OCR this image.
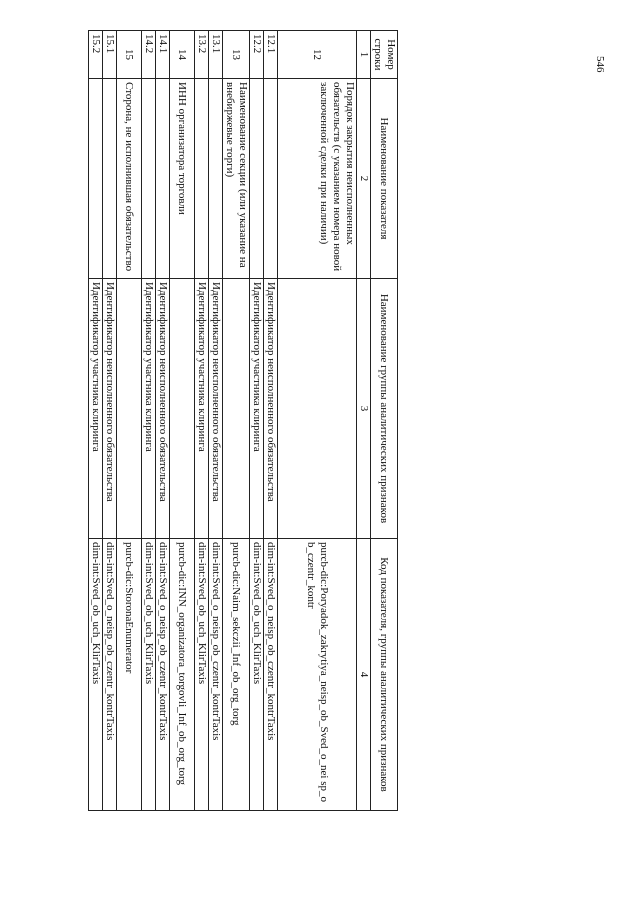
546
Номер строки	Наименование показателя	Наименование группы аналитических признаков	Код показателя, группы аналитических признаков
1	2	3	4
12	Порядок закрытия неисполненных обязательств (с указанием номера новой заключенной сделки при наличии)		purcb-dic:Poryadok_zakrytiya_neisp_ob_Sved_o_nei sp_ob_czentr_kontr
12.1		Идентификатор неисполненного обязательства	dim-int:Sved_o_neisp_ob_czentr_kontrTaxis
12.2		Идентификатор участника клиринга	dim-int:Sved_ob_uch_KlirTaxis
13	Наименование секции (или указание на внебиржевые торги)		purcb-dic:Naim_sekczii_Inf_ob_org_torg
13.1		Идентификатор неисполненного обязательства	dim-int:Sved_o_neisp_ob_czentr_kontrTaxis
13.2		Идентификатор участника клиринга	dim-int:Sved_ob_uch_KlirTaxis
14	ИНН организатора торговли		purcb-dic:INN_organizatora_torgovli_Inf_ob_org_torg
14.1		Идентификатор неисполненного обязательства	dim-int:Sved_o_neisp_ob_czentr_kontrTaxis
14.2		Идентификатор участника клиринга	dim-int:Sved_ob_uch_KlirTaxis
15	Сторона, не исполнившая обязательство		purcb-dic:StoronaEnumerator
15.1		Идентификатор неисполненного обязательства	dim-int:Sved_o_neisp_ob_czentr_kontrTaxis
15.2		Идентификатор участника клиринга	dim-int:Sved_ob_uch_KlirTaxis
